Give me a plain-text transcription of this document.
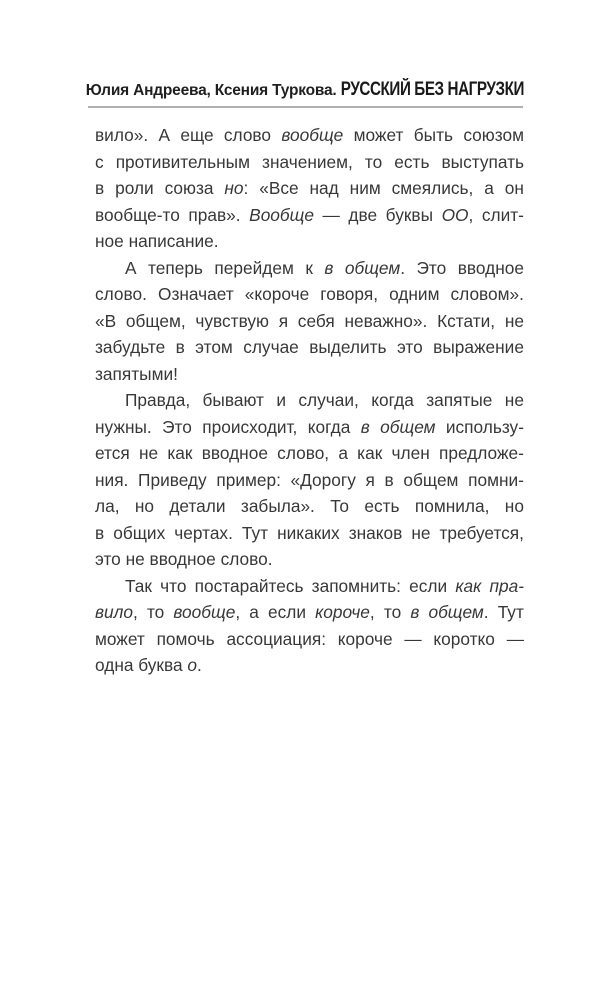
Юлия Андреева, Ксения Туркова. РУССКИЙ БЕЗ НАГРУЗКИ
вило». А еще слово вообще может быть союзом
с противительным значением, то есть выступать
в роли союза но: «Все над ним смеялись, а он
вообще-то прав». Вообще — две буквы ОО, слит-
ное написание.
А теперь перейдем к в общем. Это вводное
слово. Означает «короче говоря, одним словом».
«В общем, чувствую я себя неважно». Кстати, не
забудьте в этом случае выделить это выражение
запятыми!
Правда, бывают и случаи, когда запятые не
нужны. Это происходит, когда в общем использу-
ется не как вводное слово, а как член предложе-
ния. Приведу пример: «Дорогу я в общем помни-
ла, но детали забыла». То есть помнила, но
в общих чертах. Тут никаких знаков не требуется,
это не вводное слово.
Так что постарайтесь запомнить: если как пра-
вило, то вообще, а если короче, то в общем. Тут
может помочь ассоциация: короче — коротко —
одна буква о.
